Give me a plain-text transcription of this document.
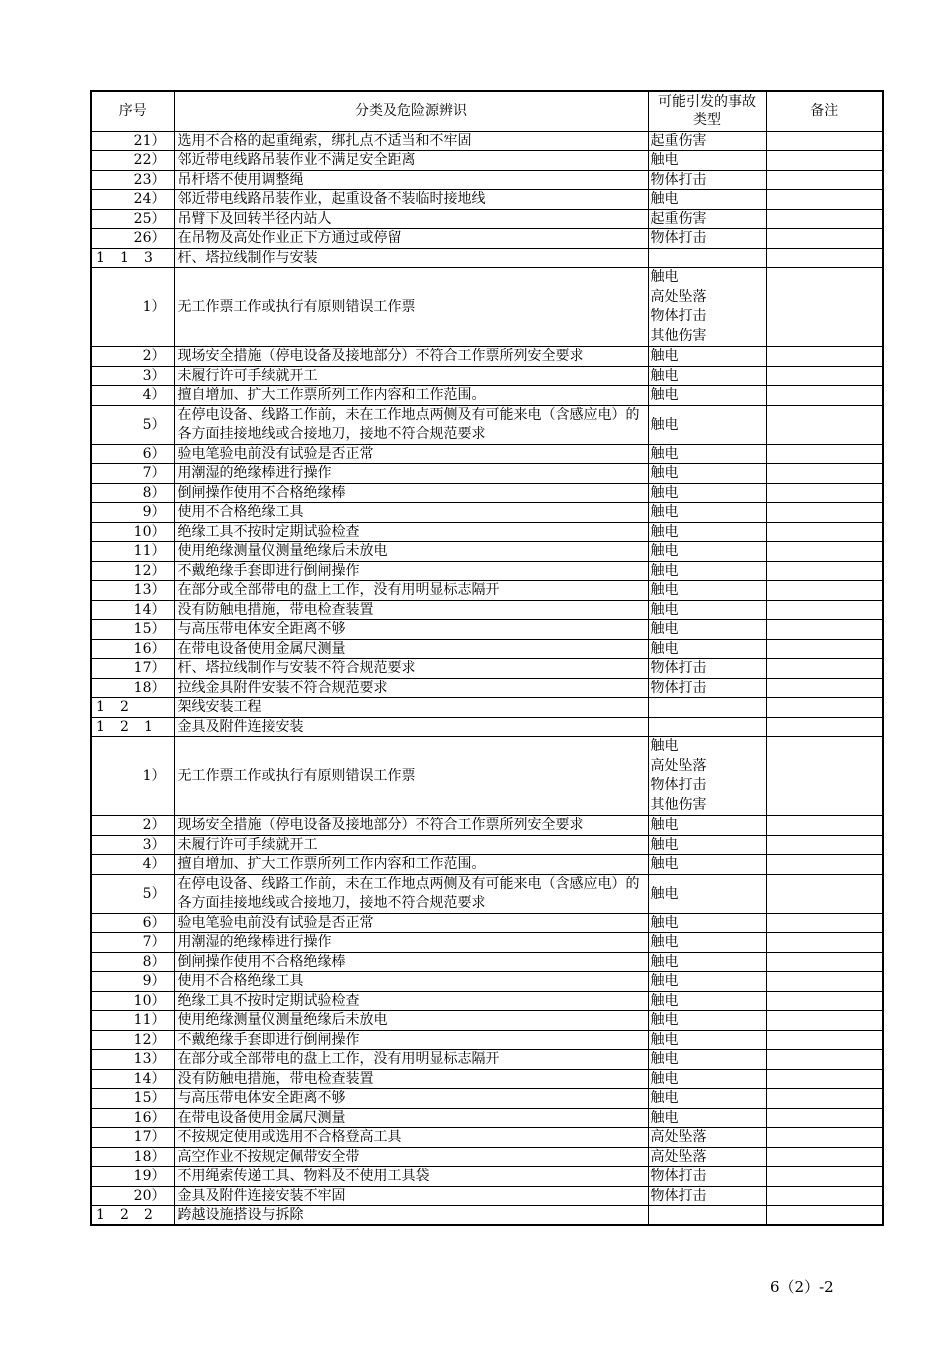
序号	分类及危险源辨识	可能引发的事故类型	备注
21）	选用不合格的起重绳索，绑扎点不适当和不牢固	起重伤害	
22）	邻近带电线路吊装作业不满足安全距离	触电	
23）	吊杆塔不使用调整绳	物体打击	
24）	邻近带电线路吊装作业，起重设备不装临时接地线	触电	
25）	吊臂下及回转半径内站人	起重伤害	
26）	在吊物及高处作业正下方通过或停留	物体打击	
1 1 3	杆、塔拉线制作与安装		
1）	无工作票工作或执行有原则错误工作票	触电
高处坠落
物体打击
其他伤害	

2）	现场安全措施（停电设备及接地部分）不符合工作票所列安全要求	触电	
3）	未履行许可手续就开工	触电	
4）	擅自增加、扩大工作票所列工作内容和工作范围。	触电	
5）	在停电设备、线路工作前，未在工作地点两侧及有可能来电（含感应电）的各方面挂接地线或合接地刀，接地不符合规范要求	触电	
6）	验电笔验电前没有试验是否正常	触电	
7）	用潮湿的绝缘棒进行操作	触电	
8）	倒闸操作使用不合格绝缘棒	触电	
9）	使用不合格绝缘工具	触电	
10）	绝缘工具不按时定期试验检查	触电	
11）	使用绝缘测量仪测量绝缘后未放电	触电	
12）	不戴绝缘手套即进行倒闸操作	触电	
13）	在部分或全部带电的盘上工作，没有用明显标志隔开	触电	
14）	没有防触电措施，带电检查装置	触电	
15）	与高压带电体安全距离不够	触电	
16）	在带电设备使用金属尺测量	触电	
17）	杆、塔拉线制作与安装不符合规范要求	物体打击	
18）	拉线金具附件安装不符合规范要求	物体打击	
1 2	架线安装工程		
1 2 1	金具及附件连接安装		
1）	无工作票工作或执行有原则错误工作票	触电
高处坠落
物体打击
其他伤害	

2）	现场安全措施（停电设备及接地部分）不符合工作票所列安全要求	触电	
3）	未履行许可手续就开工	触电	
4）	擅自增加、扩大工作票所列工作内容和工作范围。	触电	
5）	在停电设备、线路工作前，未在工作地点两侧及有可能来电（含感应电）的各方面挂接地线或合接地刀，接地不符合规范要求	触电	
6）	验电笔验电前没有试验是否正常	触电	
7）	用潮湿的绝缘棒进行操作	触电	
8）	倒闸操作使用不合格绝缘棒	触电	
9）	使用不合格绝缘工具	触电	
10）	绝缘工具不按时定期试验检查	触电	
11）	使用绝缘测量仪测量绝缘后未放电	触电	
12）	不戴绝缘手套即进行倒闸操作	触电	
13）	在部分或全部带电的盘上工作，没有用明显标志隔开	触电	
14）	没有防触电措施，带电检查装置	触电	
15）	与高压带电体安全距离不够	触电	
16）	在带电设备使用金属尺测量	触电	
17）	不按规定使用或选用不合格登高工具	高处坠落	
18）	高空作业不按规定佩带安全带	高处坠落	
19）	不用绳索传递工具、物料及不使用工具袋	物体打击	
20）	金具及附件连接安装不牢固	物体打击	
1 2 2	跨越设施搭设与拆除		
6（2）-2
